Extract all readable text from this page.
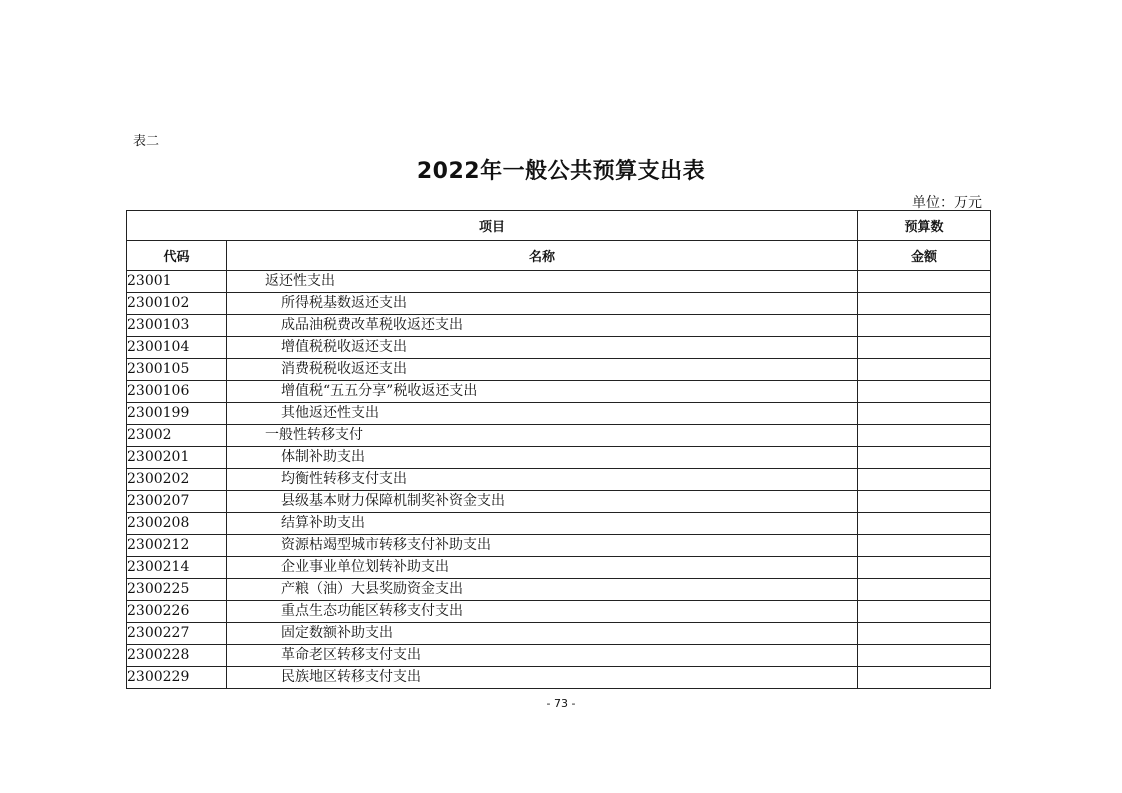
表二
2022年一般公共预算支出表
单位：万元
项目		预算数
代码	名称	金额
23001	返还性支出	
2300102	所得税基数返还支出	
2300103	成品油税费改革税收返还支出	
2300104	增值税税收返还支出	
2300105	消费税税收返还支出	
2300106	增值税“五五分享”税收返还支出	
2300199	其他返还性支出	
23002	一般性转移支付	
2300201	体制补助支出	
2300202	均衡性转移支付支出	
2300207	县级基本财力保障机制奖补资金支出	
2300208	结算补助支出	
2300212	资源枯竭型城市转移支付补助支出	
2300214	企业事业单位划转补助支出	
2300225	产粮（油）大县奖励资金支出	
2300226	重点生态功能区转移支付支出	
2300227	固定数额补助支出	
2300228	革命老区转移支付支出	
2300229	民族地区转移支付支出	
- 73 -
